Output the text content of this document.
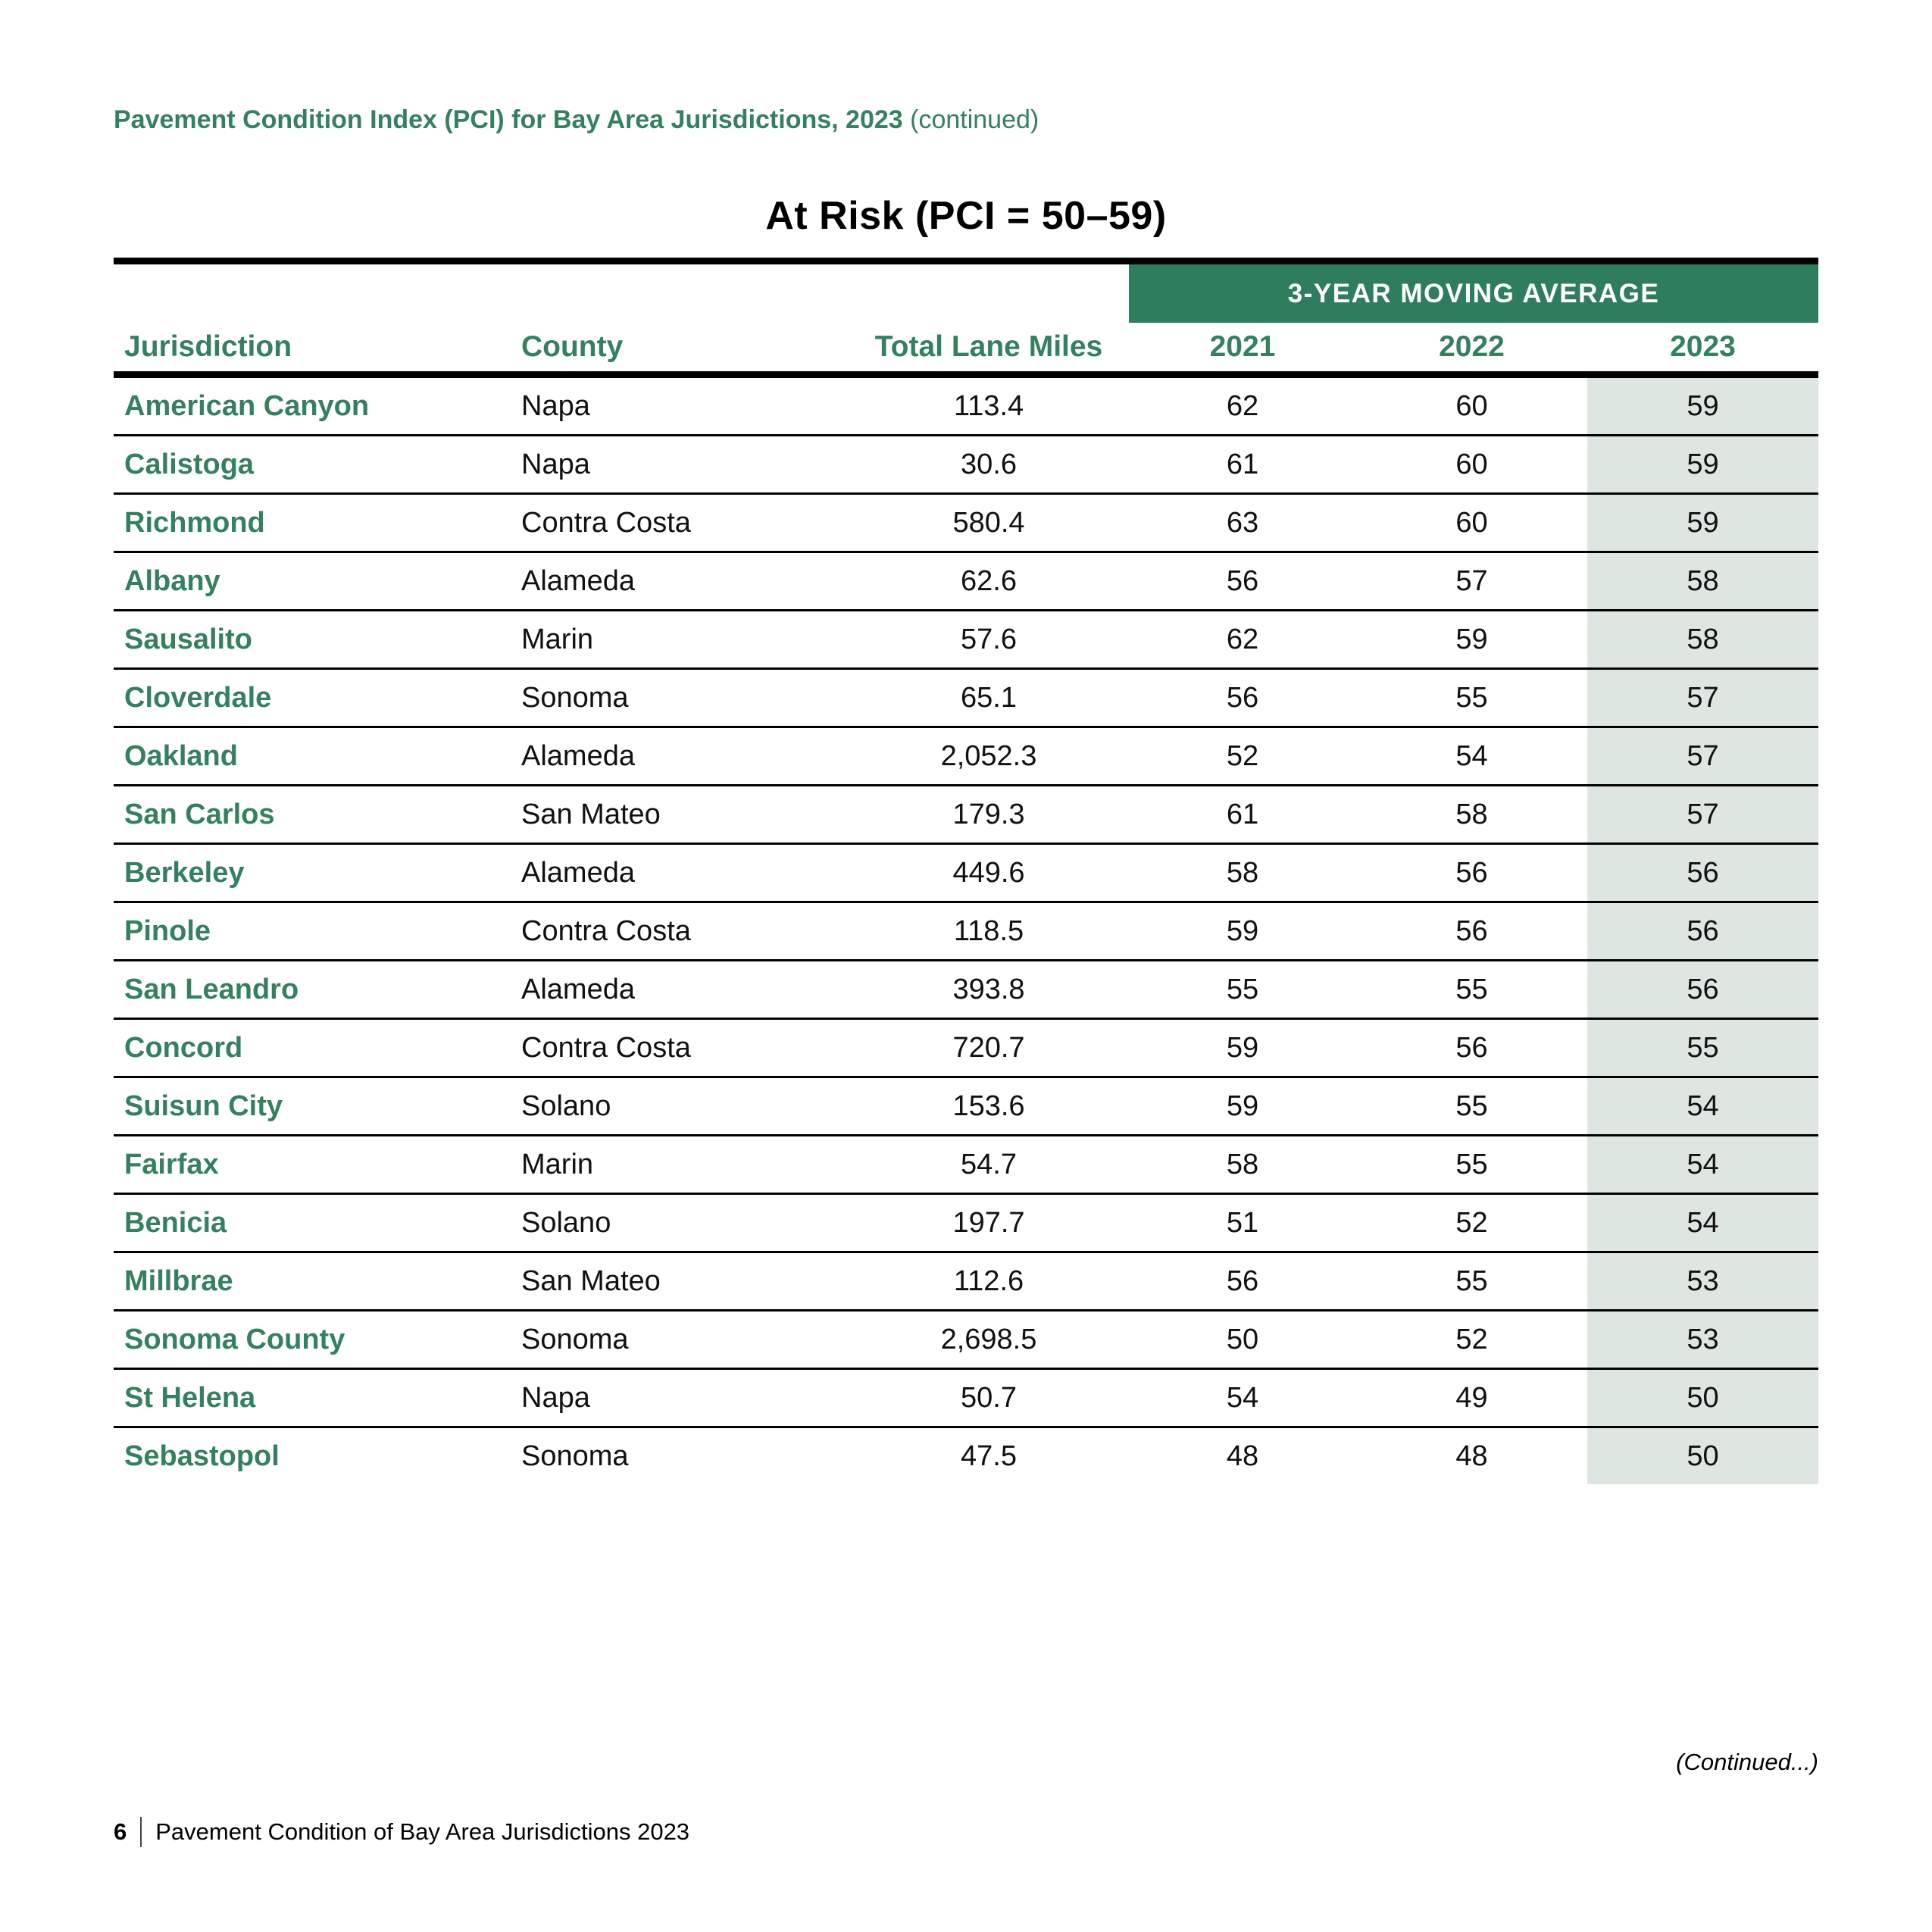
Pavement Condition Index (PCI) for Bay Area Jurisdictions, 2023 (continued)
At Risk (PCI = 50–59)
			3-YEAR MOVING AVERAGE		
Jurisdiction	County	Total Lane Miles	2021	2022	2023
American Canyon	Napa	113.4	62	60	59
Calistoga	Napa	30.6	61	60	59
Richmond	Contra Costa	580.4	63	60	59
Albany	Alameda	62.6	56	57	58
Sausalito	Marin	57.6	62	59	58
Cloverdale	Sonoma	65.1	56	55	57
Oakland	Alameda	2,052.3	52	54	57
San Carlos	San Mateo	179.3	61	58	57
Berkeley	Alameda	449.6	58	56	56
Pinole	Contra Costa	118.5	59	56	56
San Leandro	Alameda	393.8	55	55	56
Concord	Contra Costa	720.7	59	56	55
Suisun City	Solano	153.6	59	55	54
Fairfax	Marin	54.7	58	55	54
Benicia	Solano	197.7	51	52	54
Millbrae	San Mateo	112.6	56	55	53
Sonoma County	Sonoma	2,698.5	50	52	53
St Helena	Napa	50.7	54	49	50
Sebastopol	Sonoma	47.5	48	48	50
(Continued...)
6 Pavement Condition of Bay Area Jurisdictions 2023
